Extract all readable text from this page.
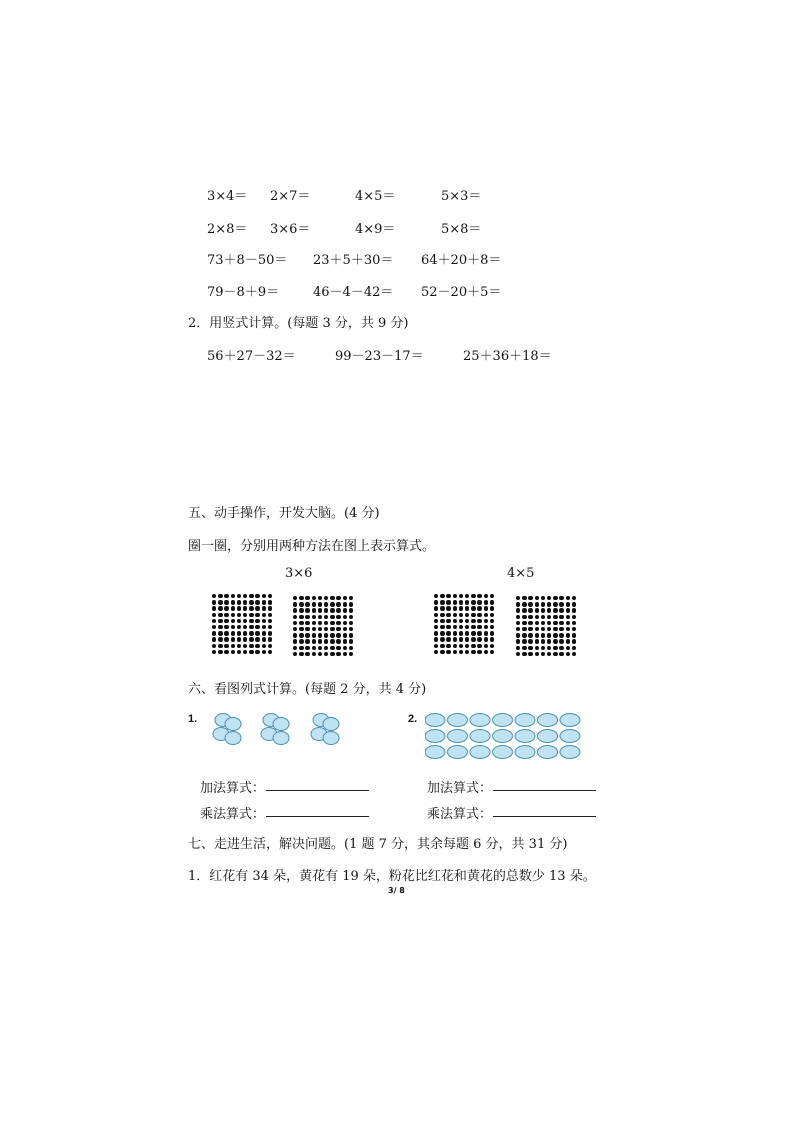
3×4＝ 2×7＝	4×5＝	5×3＝
2×8＝ 3×6＝	4×9＝	5×8＝
73＋8－50＝ 23＋5＋30＝ 64＋20＋8＝
79－8＋9＝	46－4－42＝ 52－20＋5＝
2．用竖式计算。(每题 3 分，共 9 分)
56＋27－32＝	99－23－17＝	25＋36＋18＝
五、动手操作，开发大脑。(4 分)
圈一圈，分别用两种方法在图上表示算式。
3×6	4×5
六、看图列式计算。(每题 2 分，共 4 分)
1.	2.
加法算式：
乘法算式：
加法算式：
乘法算式：
七、走进生活，解决问题。(1 题 7 分，其余每题 6 分，共 31 分)
1．红花有 34 朵，黄花有 19 朵，粉花比红花和黄花的总数少 13 朵。
3/ 8
